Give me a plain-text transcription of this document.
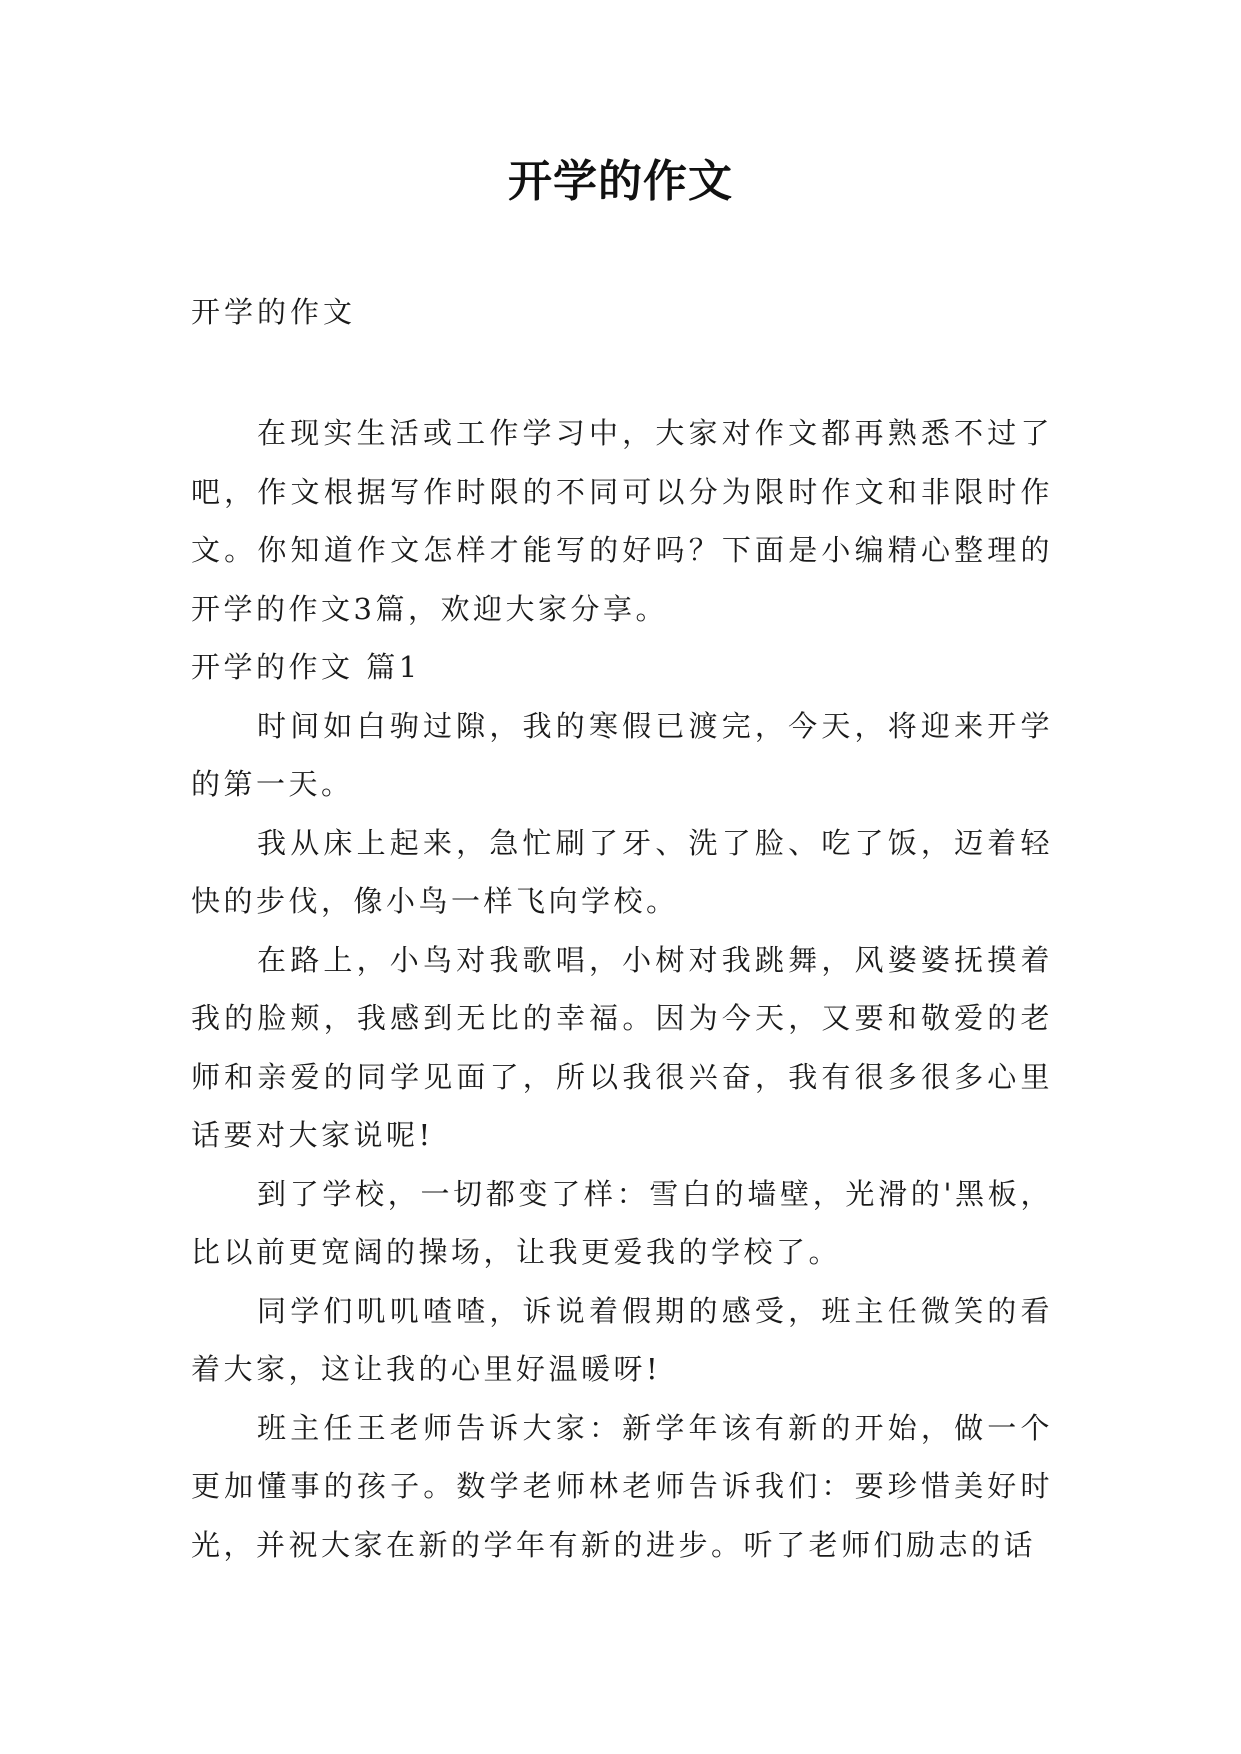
开学的作文
开学的作文

在现实生活或工作学习中，大家对作文都再熟悉不过了吧，作文根据写作时限的不同可以分为限时作文和非限时作文。你知道作文怎样才能写的好吗？下面是小编精心整理的开学的作文3篇，欢迎大家分享。

开学的作文 篇1

时间如白驹过隙，我的寒假已渡完，今天，将迎来开学的第一天。

我从床上起来，急忙刷了牙、洗了脸、吃了饭，迈着轻快的步伐，像小鸟一样飞向学校。

在路上，小鸟对我歌唱，小树对我跳舞，风婆婆抚摸着我的脸颊，我感到无比的幸福。因为今天，又要和敬爱的老师和亲爱的同学见面了，所以我很兴奋，我有很多很多心里话要对大家说呢!

到了学校，一切都变了样：雪白的墙壁，光滑的'黑板，比以前更宽阔的操场，让我更爱我的学校了。

同学们叽叽喳喳，诉说着假期的感受，班主任微笑的看着大家，这让我的心里好温暖呀!

班主任王老师告诉大家：新学年该有新的开始，做一个更加懂事的孩子。数学老师林老师告诉我们：要珍惜美好时光，并祝大家在新的学年有新的进步。听了老师们励志的话
